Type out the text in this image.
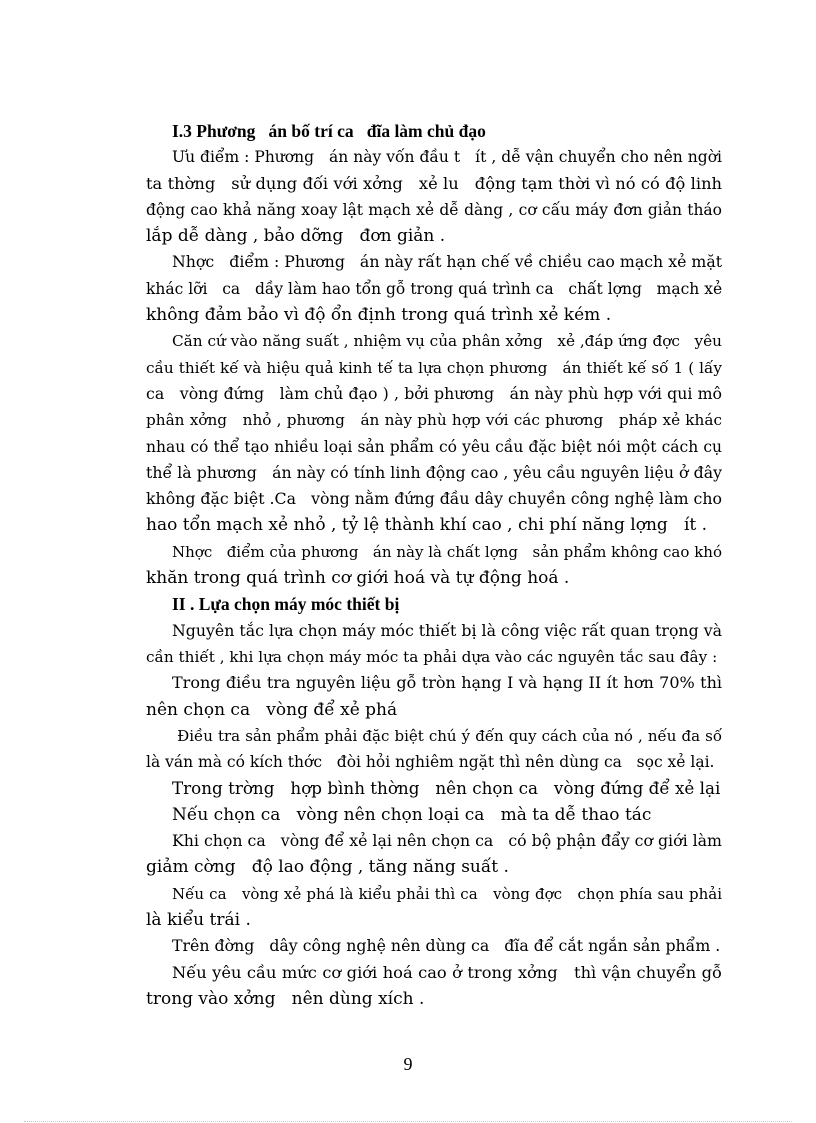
I.3 Phương   án bố trí ca   đĩa làm chủ đạo
Ưu điểm : Phương   án này vốn đầu t   ít , dễ vận chuyển cho nên ngời
ta thờng   sử dụng đối với xởng   xẻ lu   động tạm thời vì nó có độ linh
động cao khả năng xoay lật mạch xẻ dễ dàng , cơ cấu máy đơn giản tháo
lắp dễ dàng , bảo dỡng   đơn giản .
Nhợc   điểm : Phương   án này rất hạn chế về chiều cao mạch xẻ mặt
khác lỡi   ca   dầy làm hao tổn gỗ trong quá trình ca   chất lợng   mạch xẻ
không đảm bảo vì độ ổn định trong quá trình xẻ kém .
Căn cứ vào năng suất , nhiệm vụ của phân xởng   xẻ ,đáp ứng đợc   yêu
cầu thiết kế và hiệu quả kinh tế ta lựa chọn phương   án thiết kế số 1 ( lấy
ca   vòng đứng   làm chủ đạo ) , bởi phương   án này phù hợp với qui mô
phân xởng   nhỏ , phương   án này phù hợp với các phương   pháp xẻ khác
nhau có thể tạo nhiều loại sản phẩm có yêu cầu đặc biệt nói một cách cụ
thể là phương   án này có tính linh động cao , yêu cầu nguyên liệu ở đây
không đặc biệt .Ca   vòng nằm đứng đầu dây chuyền công nghệ làm cho
hao tổn mạch xẻ nhỏ , tỷ lệ thành khí cao , chi phí năng lợng   ít .
Nhợc   điểm của phương   án này là chất lợng   sản phẩm không cao khó
khăn trong quá trình cơ giới hoá và tự động hoá .
II . Lựa chọn máy móc thiết bị
Nguyên tắc lựa chọn máy móc thiết bị là công việc rất quan trọng và
cần thiết , khi lựa chọn máy móc ta phải dựa vào các nguyên tắc sau đây :
Trong điều tra nguyên liệu gỗ tròn hạng I và hạng II ít hơn 70% thì
nên chọn ca   vòng để xẻ phá
Điều tra sản phẩm phải đặc biệt chú ý đến quy cách của nó , nếu đa số
là ván mà có kích thớc   đòi hỏi nghiêm ngặt thì nên dùng ca   sọc xẻ lại.
Trong trờng   hợp bình thờng   nên chọn ca   vòng đứng để xẻ lại
Nếu chọn ca   vòng nên chọn loại ca   mà ta dễ thao tác
Khi chọn ca   vòng để xẻ lại nên chọn ca   có bộ phận đẩy cơ giới làm
giảm cờng   độ lao động , tăng năng suất .
Nếu ca   vòng xẻ phá là kiểu phải thì ca   vòng đợc   chọn phía sau phải
là kiểu trái .
Trên đờng   dây công nghệ nên dùng ca   đĩa để cắt ngắn sản phẩm .
Nếu yêu cầu mức cơ giới hoá cao ở trong xởng   thì vận chuyển gỗ
trong vào xởng   nên dùng xích .
9
